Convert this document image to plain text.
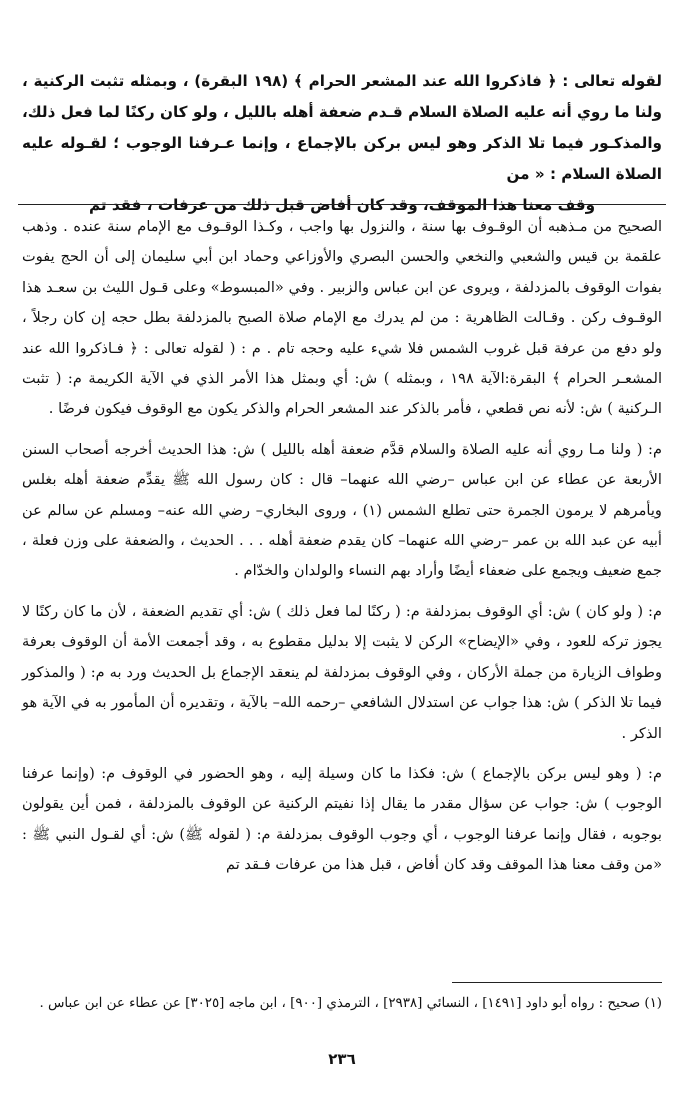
لقوله تعالى : ﴿ فاذكروا الله عند المشعر الحرام ﴾ (١٩٨ البقرة) ، وبمثله تثبت الركنية ، ولنا ما روي أنه عليه الصلاة السلام قـدم ضعفة أهله بالليل ، ولو كان ركنًا لما فعل ذلك، والمذكـور فيما تلا الذكر وهو ليس بركن بالإجماع ، وإنما عـرفنا الوجوب ؛ لقـوله عليه الصلاة السلام : « من

وقف معنا هذا الموقف، وقد كان أفاض قبل ذلك من عرفات ، فقد تم

الصحيح من مـذهبه أن الوقـوف بها سنة ، والنزول بها واجب ، وكـذا الوقـوف مع الإمام سنة عنده . وذهب علقمة بن قيس والشعبي والنخعي والحسن البصري والأوزاعي وحماد ابن أبي سليمان إلى أن الحج يفوت بفوات الوقوف بالمزدلفة ، ويروى عن ابن عباس والزبير . وفي «المبسوط» وعلى قـول الليث بن سعـد هذا الوقـوف ركن . وقـالت الظاهرية : من لم يدرك مع الإمام صلاة الصبح بالمزدلفة بطل حجه إن كان رجلاً ، ولو دفع من عرفة قبل غروب الشمس فلا شيء عليه وحجه تام . م : ( لقوله تعالى : ﴿ فـاذكروا الله عند المشعـر الحرام ﴾ البقرة:الآية ١٩٨ ، وبمثله ) ش: أي وبمثل هذا الأمر الذي في الآية الكريمة م: ( تثبت الـركنية ) ش: لأنه نص قطعي ، فأمر بالذكر عند المشعر الحرام والذكر يكون مع الوقوف فيكون فرضًا .

م: ( ولنا مـا روي أنه عليه الصلاة والسلام قدَّم ضعفة أهله بالليل ) ش: هذا الحديث أخرجه أصحاب السنن الأربعة عن عطاء عن ابن عباس –رضي الله عنهما– قال : كان رسول الله ﷺ يقدِّم ضعفة أهله بغلس ويأمرهم لا يرمون الجمرة حتى تطلع الشمس (١) ، وروى البخاري– رضي الله عنه– ومسلم عن سالم عن أبيه عن عبد الله بن عمر –رضي الله عنهما– كان يقدم ضعفة أهله . . . الحديث ، والضعفة على وزن فعلة ، جمع ضعيف ويجمع على ضعفاء أيضًا وأراد بهم النساء والولدان والخدّام .

م: ( ولو كان ) ش: أي الوقوف بمزدلفة م: ( ركنًا لما فعل ذلك ) ش: أي تقديم الضعفة ، لأن ما كان ركنًا لا يجوز تركه للعود ، وفي «الإيضاح» الركن لا يثبت إلا بدليل مقطوع به ، وقد أجمعت الأمة أن الوقوف بعرفة وطواف الزيارة من جملة الأركان ، وفي الوقوف بمزدلفة لم ينعقد الإجماع بل الحديث ورد به م: ( والمذكور فيما تلا الذكر ) ش: هذا جواب عن استدلال الشافعي –رحمه الله– بالآية ، وتقديره أن المأمور به في الآية هو الذكر .

م: ( وهو ليس بركن بالإجماع ) ش: فكذا ما كان وسيلة إليه ، وهو الحضور في الوقوف م: (وإنما عرفنا الوجوب ) ش: جواب عن سؤال مقدر ما يقال إذا نفيتم الركنية عن الوقوف بالمزدلفة ، فمن أين يقولون بوجوبه ، فقال وإنما عرفنا الوجوب ، أي وجوب الوقوف بمزدلفة م: ( لقوله ﷺ) ش: أي لقـول النبي ﷺ : «من وقف معنا هذا الموقف وقد كان أفاض ، قبل هذا من عرفات فـقد تم

(١) صحيح : رواه أبو داود [١٤٩١] ، النسائي [٢٩٣٨] ، الترمذي [٩٠٠] ، ابن ماجه [٣٠٢٥] عن عطاء عن ابن عباس .

٢٣٦
